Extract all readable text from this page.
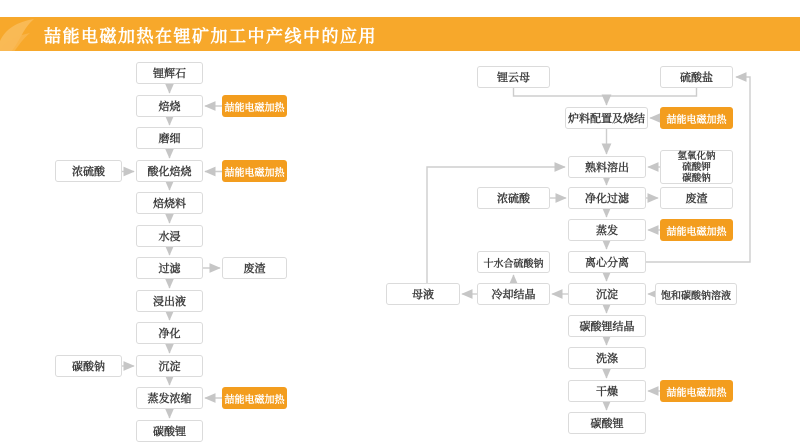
喆能电磁加热在锂矿加工中产线中的应用
锂辉石
焙烧
磨细
酸化焙烧
焙烧料
水浸
过滤
浸出液
净化
沉淀
蒸发浓缩
碳酸锂
浓硫酸
碳酸钠
废渣
喆能电磁加热
喆能电磁加热
喆能电磁加热
锂云母	硫酸盐
炉料配置及烧结
熟料溶出
净化过滤
蒸发
离心分离
沉淀
碳酸锂结晶
洗涤
干燥
碳酸锂
氢氧化钠
硫酸钾
碳酸钠
浓硫酸	废渣
十水合硫酸钠
母液	冷却结晶	饱和碳酸钠溶液
喆能电磁加热
喆能电磁加热
喆能电磁加热
